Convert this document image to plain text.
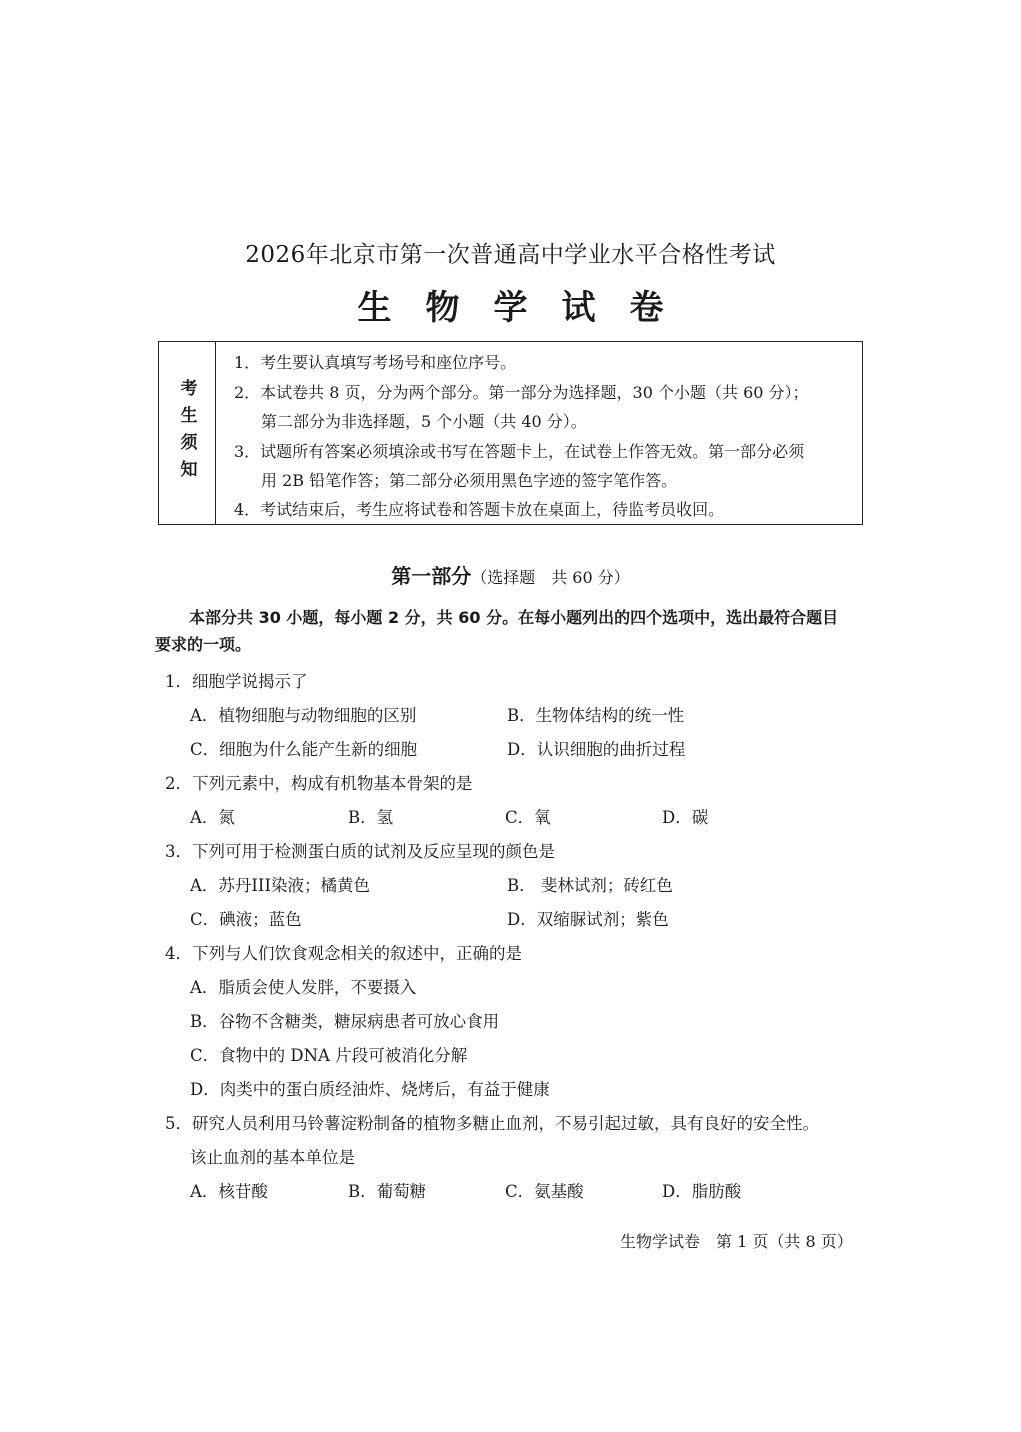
2026年北京市第一次普通高中学业水平合格性考试
生物学试卷
考生须知
1．考生要认真填写考场号和座位序号。
2．本试卷共 8 页，分为两个部分。第一部分为选择题，30 个小题（共 60 分）；
第二部分为非选择题，5 个小题（共 40 分）。
3．试题所有答案必须填涂或书写在答题卡上，在试卷上作答无效。第一部分必须
用 2B 铅笔作答；第二部分必须用黑色字迹的签字笔作答。
4．考试结束后，考生应将试卷和答题卡放在桌面上，待监考员收回。
第一部分（选择题　共 60 分）
本部分共 30 小题，每小题 2 分，共 60 分。在每小题列出的四个选项中，选出最符合题目
要求的一项。
1．细胞学说揭示了
A．植物细胞与动物细胞的区别	B．生物体结构的统一性
C．细胞为什么能产生新的细胞	D．认识细胞的曲折过程
2．下列元素中，构成有机物基本骨架的是
A．氮	B．氢	C．氧	D．碳
3．下列可用于检测蛋白质的试剂及反应呈现的颜色是
A．苏丹III染液；橘黄色	B． 斐林试剂；砖红色
C．碘液；蓝色	D．双缩脲试剂；紫色
4．下列与人们饮食观念相关的叙述中，正确的是
A．脂质会使人发胖，不要摄入
B．谷物不含糖类，糖尿病患者可放心食用
C．食物中的 DNA 片段可被消化分解
D．肉类中的蛋白质经油炸、烧烤后，有益于健康
5．研究人员利用马铃薯淀粉制备的植物多糖止血剂，不易引起过敏，具有良好的安全性。
该止血剂的基本单位是
A．核苷酸	B．葡萄糖	C．氨基酸	D．脂肪酸
生物学试卷　第 1 页（共 8 页）
